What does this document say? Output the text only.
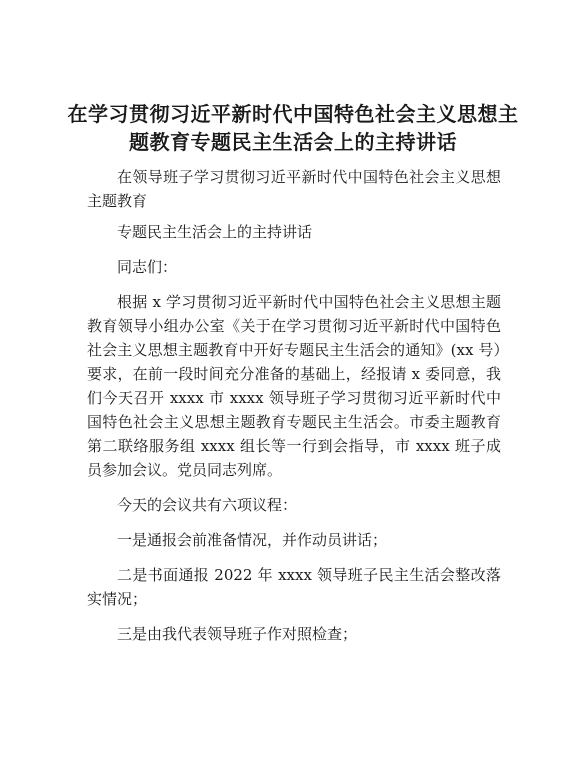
在学习贯彻习近平新时代中国特色社会主义思想主题教育专题民主生活会上的主持讲话

在领导班子学习贯彻习近平新时代中国特色社会主义思想主题教育

专题民主生活会上的主持讲话

同志们：

根据 x 学习贯彻习近平新时代中国特色社会主义思想主题教育领导小组办公室《关于在学习贯彻习近平新时代中国特色社会主义思想主题教育中开好专题民主生活会的通知》(xx 号）要求，在前一段时间充分准备的基础上，经报请 x 委同意，我们今天召开 xxxx 市 xxxx 领导班子学习贯彻习近平新时代中国特色社会主义思想主题教育专题民主生活会。市委主题教育第二联络服务组 xxxx 组长等一行到会指导，市 xxxx 班子成员参加会议。党员同志列席。

今天的会议共有六项议程：

一是通报会前准备情况，并作动员讲话；

二是书面通报 2022 年 xxxx 领导班子民主生活会整改落实情况；

三是由我代表领导班子作对照检查；
